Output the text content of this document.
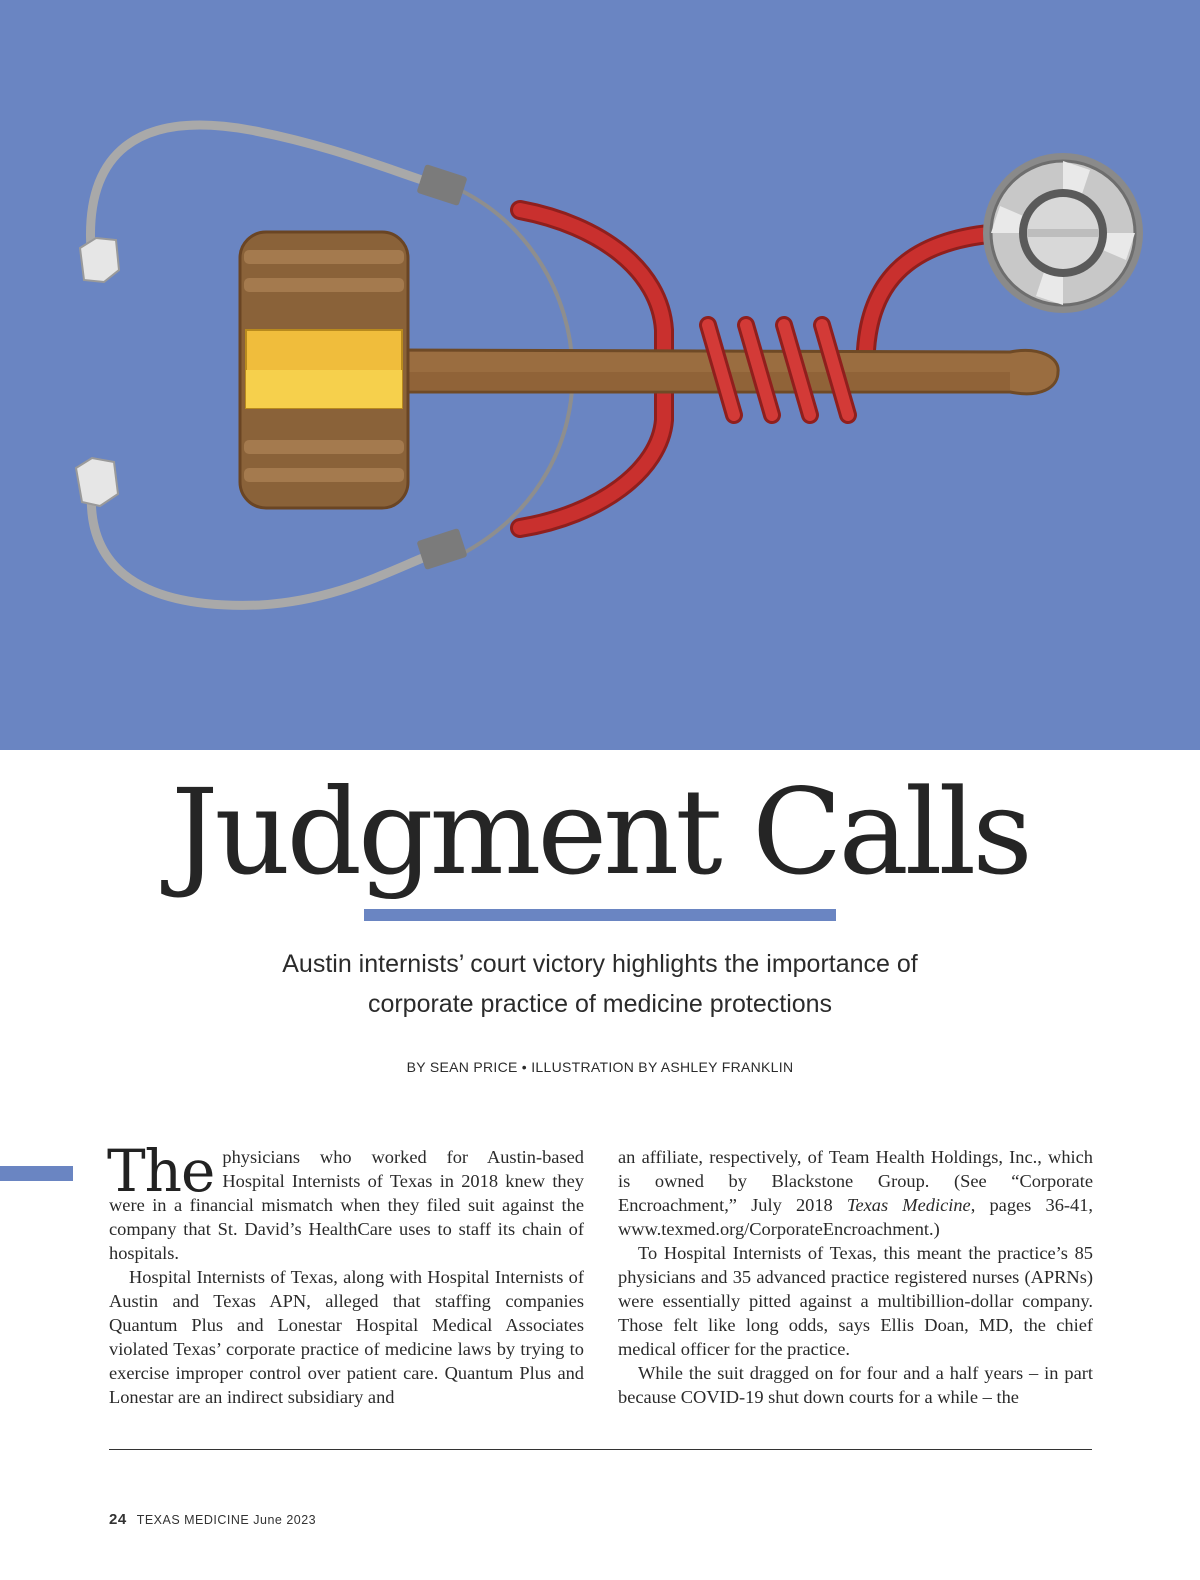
Judgment Calls
Austin internists’ court victory highlights the importance of
corporate practice of medicine protections
BY SEAN PRICE • ILLUSTRATION BY ASHLEY FRANKLIN

The physicians who worked for Austin-based Hospital Internists of Texas in 2018 knew they were in a financial mismatch when they filed suit against the company that St. David’s HealthCare uses to staff its chain of hospitals.

Hospital Internists of Texas, along with Hospital Internists of Austin and Texas APN, alleged that staffing companies Quantum Plus and Lonestar Hospital Medical Associates violated Texas’ corporate practice of medicine laws by trying to exercise improper control over patient care. Quantum Plus and Lonestar are an indirect subsidiary and

an affiliate, respectively, of Team Health Holdings, Inc., which is owned by Blackstone Group. (See “Corporate Encroachment,” July 2018 Texas Medicine, pages 36-41, www.texmed.org/CorporateEncroachment.)

To Hospital Internists of Texas, this meant the practice’s 85 physicians and 35 advanced practice registered nurses (APRNs) were essentially pitted against a multibillion-dollar company. Those felt like long odds, says Ellis Doan, MD, the chief medical officer for the practice.

While the suit dragged on for four and a half years – in part because COVID-19 shut down courts for a while – the

24 TEXAS MEDICINE June 2023
